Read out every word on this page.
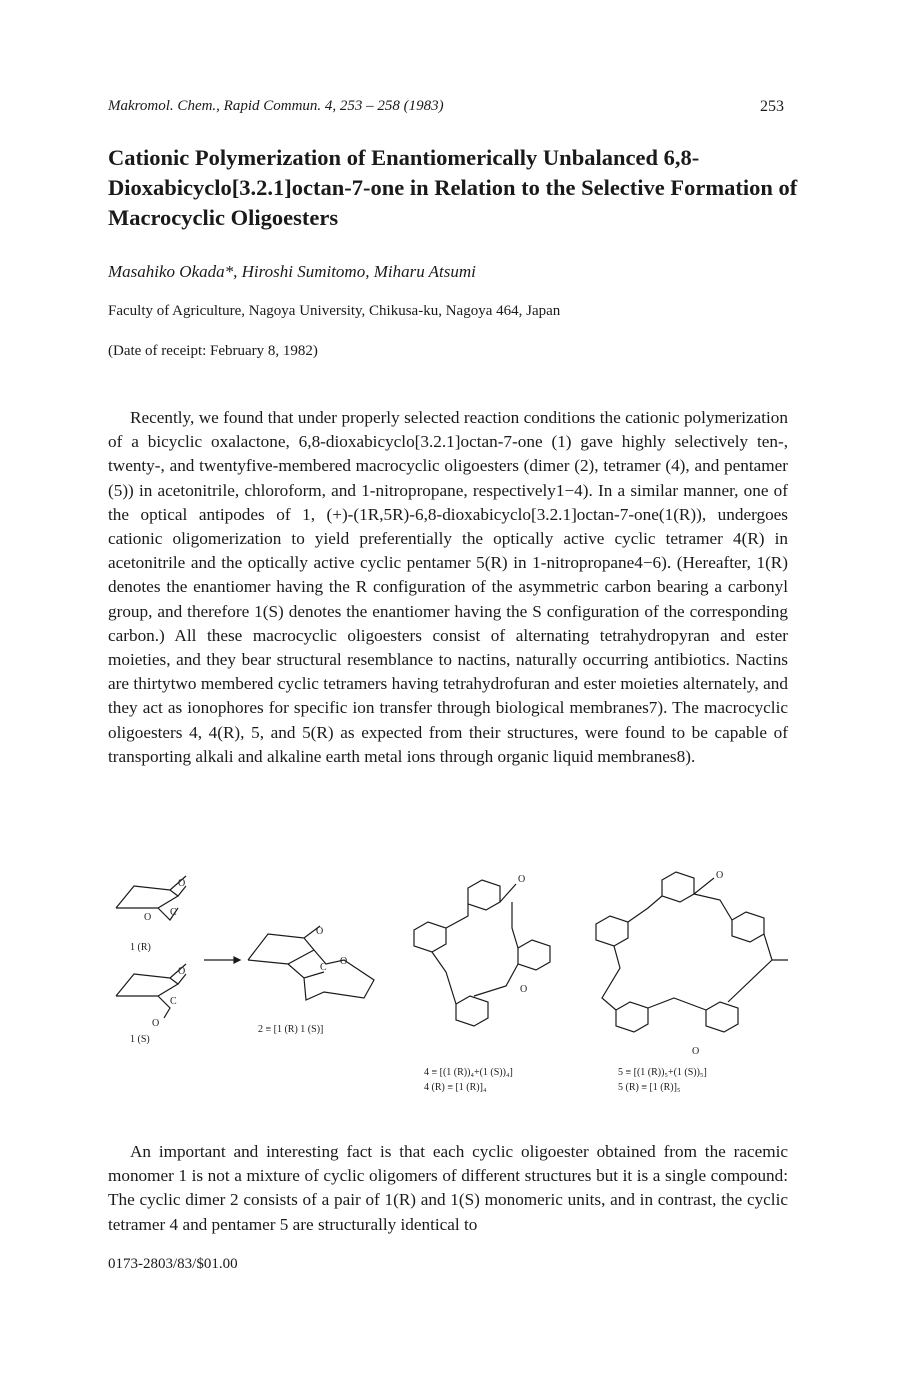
Makromol. Chem., Rapid Commun. 4, 253 – 258 (1983)	253
Cationic Polymerization of Enantiomerically Unbalanced 6,8-Dioxabicyclo[3.2.1]octan-7-one in Relation to the Selective Formation of Macrocyclic Oligoesters
Masahiko Okada*, Hiroshi Sumitomo, Miharu Atsumi
Faculty of Agriculture, Nagoya University, Chikusa-ku, Nagoya 464, Japan
(Date of receipt: February 8, 1982)

Recently, we found that under properly selected reaction conditions the cationic polymerization of a bicyclic oxalactone, 6,8-dioxabicyclo[3.2.1]octan-7-one (1) gave highly selectively ten-, twenty-, and twentyfive-membered macrocyclic oligoesters (dimer (2), tetramer (4), and pentamer (5)) in acetonitrile, chloroform, and 1-nitropropane, respectively1−4). In a similar manner, one of the optical antipodes of 1, (+)-(1R,5R)-6,8-dioxabicyclo[3.2.1]octan-7-one(1(R)), undergoes cationic oligomerization to yield preferentially the optically active cyclic tetramer 4(R) in acetonitrile and the optically active cyclic pentamer 5(R) in 1-nitropropane4−6). (Hereafter, 1(R) denotes the enantiomer having the R configuration of the asymmetric carbon bearing a carbonyl group, and therefore 1(S) denotes the enantiomer having the S configuration of the corresponding carbon.) All these macrocyclic oligoesters consist of alternating tetrahydropyran and ester moieties, and they bear structural resemblance to nactins, naturally occurring antibiotics. Nactins are thirtytwo membered cyclic tetramers having tetrahydrofuran and ester moieties alternately, and they act as ionophores for specific ion transfer through biological membranes7). The macrocyclic oligoesters 4, 4(R), 5, and 5(R) as expected from their structures, were found to be capable of transporting alkali and alkaline earth metal ions through organic liquid membranes8).

O
C
O
1 (R)
O
C
O
1 (S)
O
C
O
2 ≡ [1 (R) 1 (S)]
O
O
4 ≡ [(1 (R))₄+(1 (S))₄]
4 (R) ≡ [1 (R)]₄
O
O
5 ≡ [(1 (R))₅+(1 (S))₅]
5 (R) ≡ [1 (R)]₅

An important and interesting fact is that each cyclic oligoester obtained from the racemic monomer 1 is not a mixture of cyclic oligomers of different structures but it is a single compound: The cyclic dimer 2 consists of a pair of 1(R) and 1(S) monomeric units, and in contrast, the cyclic tetramer 4 and pentamer 5 are structurally identical to

0173-2803/83/$01.00
